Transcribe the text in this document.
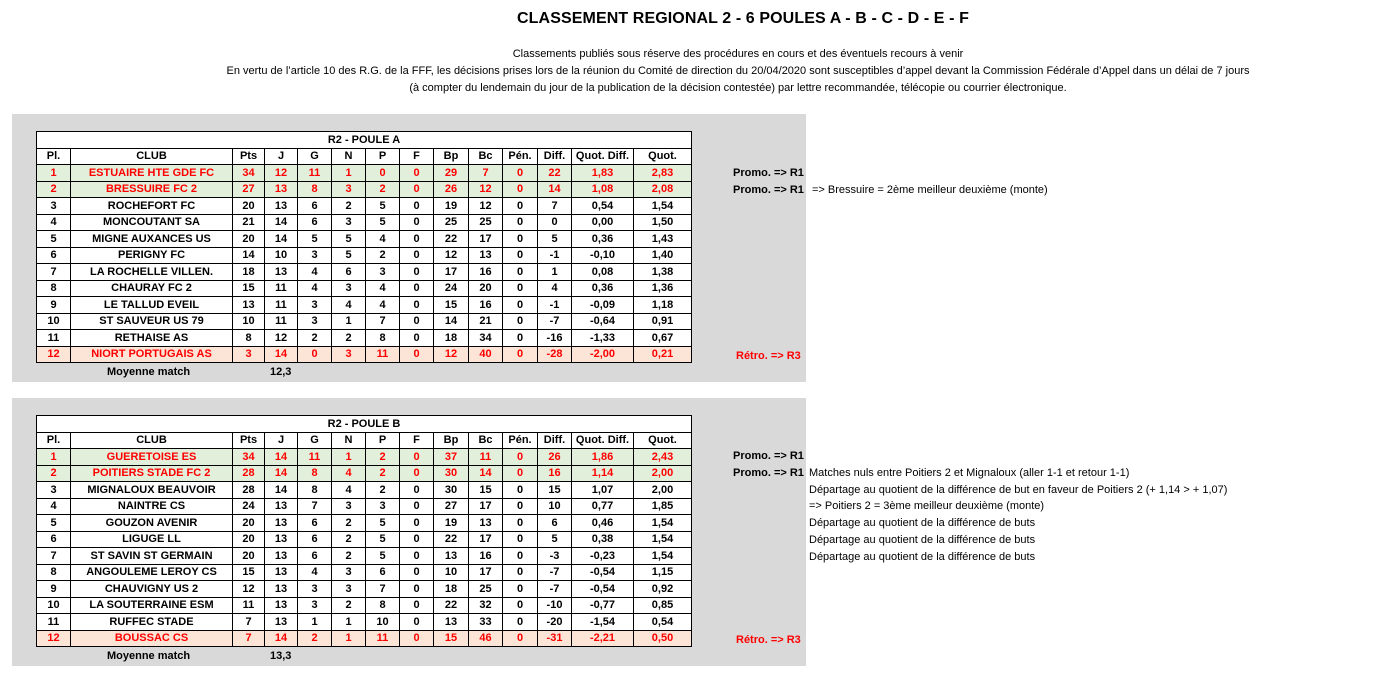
CLASSEMENT REGIONAL 2 - 6 POULES A - B - C - D - E - F
Classements publiés sous réserve des procédures en cours et des éventuels recours à venir
En vertu de l’article 10 des R.G. de la FFF, les décisions prises lors de la réunion du Comité de direction du 20/04/2020 sont susceptibles d’appel devant la Commission Fédérale d’Appel dans un délai de 7 jours
(à compter du lendemain du jour de la publication de la décision contestée) par lettre recommandée, télécopie ou courrier électronique.
R2 - POULE A													
Pl.	CLUB	Pts	J	G	N	P	F	Bp	Bc	Pén.	Diff.	Quot. Diff.	Quot.
1	ESTUAIRE HTE GDE FC	34	12	11	1	0	0	29	7	0	22	1,83	2,83
2	BRESSUIRE FC 2	27	13	8	3	2	0	26	12	0	14	1,08	2,08
3	ROCHEFORT FC	20	13	6	2	5	0	19	12	0	7	0,54	1,54
4	MONCOUTANT SA	21	14	6	3	5	0	25	25	0	0	0,00	1,50
5	MIGNE AUXANCES US	20	14	5	5	4	0	22	17	0	5	0,36	1,43
6	PERIGNY FC	14	10	3	5	2	0	12	13	0	-1	-0,10	1,40
7	LA ROCHELLE VILLEN.	18	13	4	6	3	0	17	16	0	1	0,08	1,38
8	CHAURAY FC 2	15	11	4	3	4	0	24	20	0	4	0,36	1,36
9	LE TALLUD EVEIL	13	11	3	4	4	0	15	16	0	-1	-0,09	1,18
10	ST SAUVEUR US 79	10	11	3	1	7	0	14	21	0	-7	-0,64	0,91
11	RETHAISE AS	8	12	2	2	8	0	18	34	0	-16	-1,33	0,67
12	NIORT PORTUGAIS AS	3	14	0	3	11	0	12	40	0	-28	-2,00	0,21
Moyenne match	12,3
R2 - POULE B													
Pl.	CLUB	Pts	J	G	N	P	F	Bp	Bc	Pén.	Diff.	Quot. Diff.	Quot.
1	GUERETOISE ES	34	14	11	1	2	0	37	11	0	26	1,86	2,43
2	POITIERS STADE FC 2	28	14	8	4	2	0	30	14	0	16	1,14	2,00
3	MIGNALOUX BEAUVOIR	28	14	8	4	2	0	30	15	0	15	1,07	2,00
4	NAINTRE CS	24	13	7	3	3	0	27	17	0	10	0,77	1,85
5	GOUZON AVENIR	20	13	6	2	5	0	19	13	0	6	0,46	1,54
6	LIGUGE LL	20	13	6	2	5	0	22	17	0	5	0,38	1,54
7	ST SAVIN ST GERMAIN	20	13	6	2	5	0	13	16	0	-3	-0,23	1,54
8	ANGOULEME LEROY CS	15	13	4	3	6	0	10	17	0	-7	-0,54	1,15
9	CHAUVIGNY US 2	12	13	3	3	7	0	18	25	0	-7	-0,54	0,92
10	LA SOUTERRAINE ESM	11	13	3	2	8	0	22	32	0	-10	-0,77	0,85
11	RUFFEC STADE	7	13	1	1	10	0	13	33	0	-20	-1,54	0,54
12	BOUSSAC CS	7	14	2	1	11	0	15	46	0	-31	-2,21	0,50
Moyenne match	13,3
Promo. => R1
Promo. => R1
Rétro. => R3
=> Bressuire = 2ème meilleur deuxième (monte)
Promo. => R1
Promo. => R1
Rétro. => R3
Matches nuls entre Poitiers 2 et Mignaloux (aller 1-1 et retour 1-1)
Départage au quotient de la différence de but en faveur de Poitiers 2 (+ 1,14 > + 1,07)
=> Poitiers 2 = 3ème meilleur deuxième (monte)
Départage au quotient de la différence de buts
Départage au quotient de la différence de buts
Départage au quotient de la différence de buts
